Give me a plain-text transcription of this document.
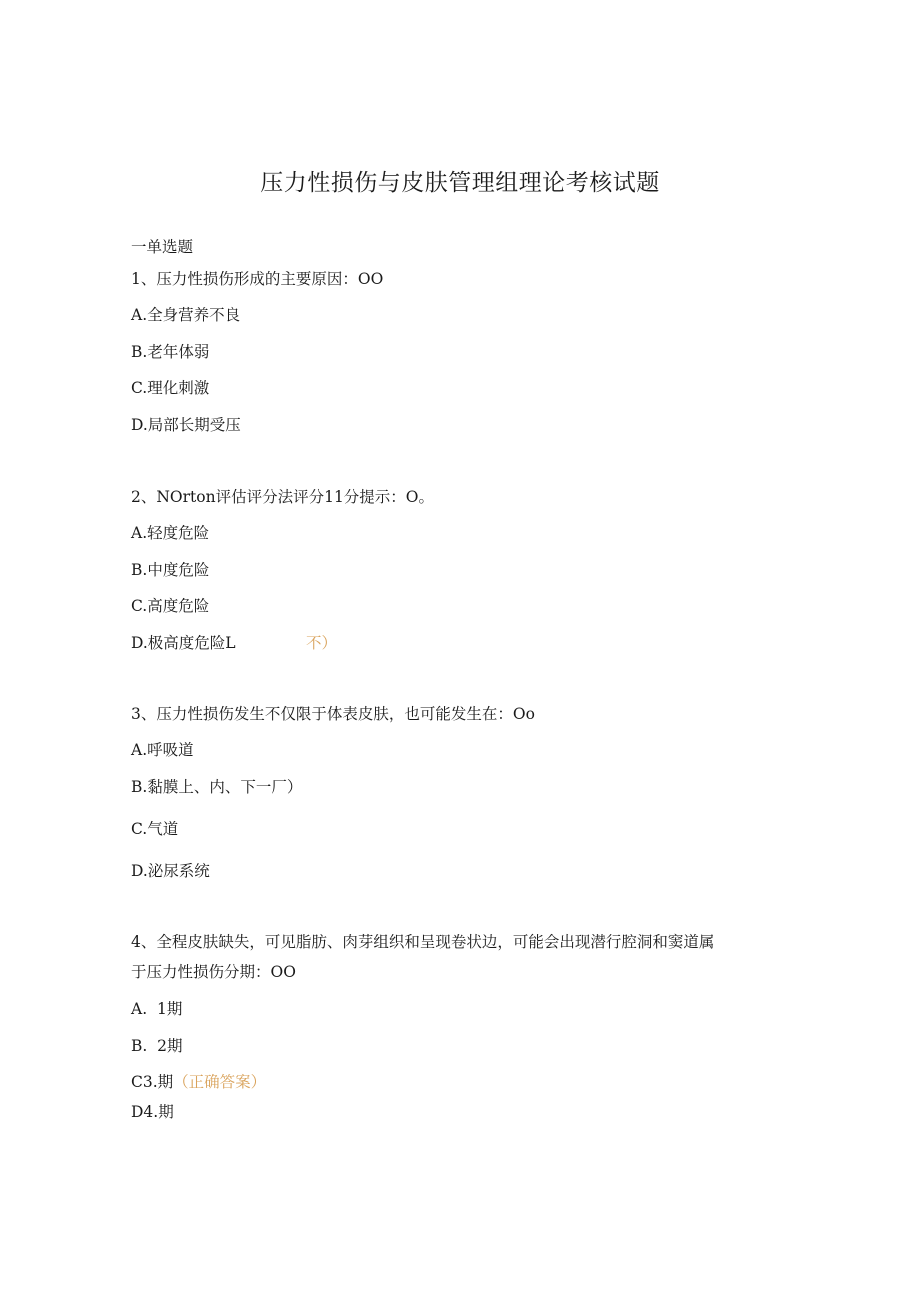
压力性损伤与皮肤管理组理论考核试题
一单选题
1、压力性损伤形成的主要原因：OO
A.全身营养不良
B.老年体弱
C.理化刺激
D.局部长期受压
2、NOrton评估评分法评分11分提示：O。
A.轻度危险
B.中度危险
C.高度危险
D.极高度危险L	不）
3、压力性损伤发生不仅限于体表皮肤，也可能发生在：Oo
A.呼吸道
B.黏膜上、内、下一厂）
C.气道
D.泌尿系统
4、全程皮肤缺失，可见脂肪、肉芽组织和呈现卷状边，可能会出现潜行腔洞和窦道属
于压力性损伤分期：OO
A.  1期
B.  2期
C3.期（正确答案）
D4.期
